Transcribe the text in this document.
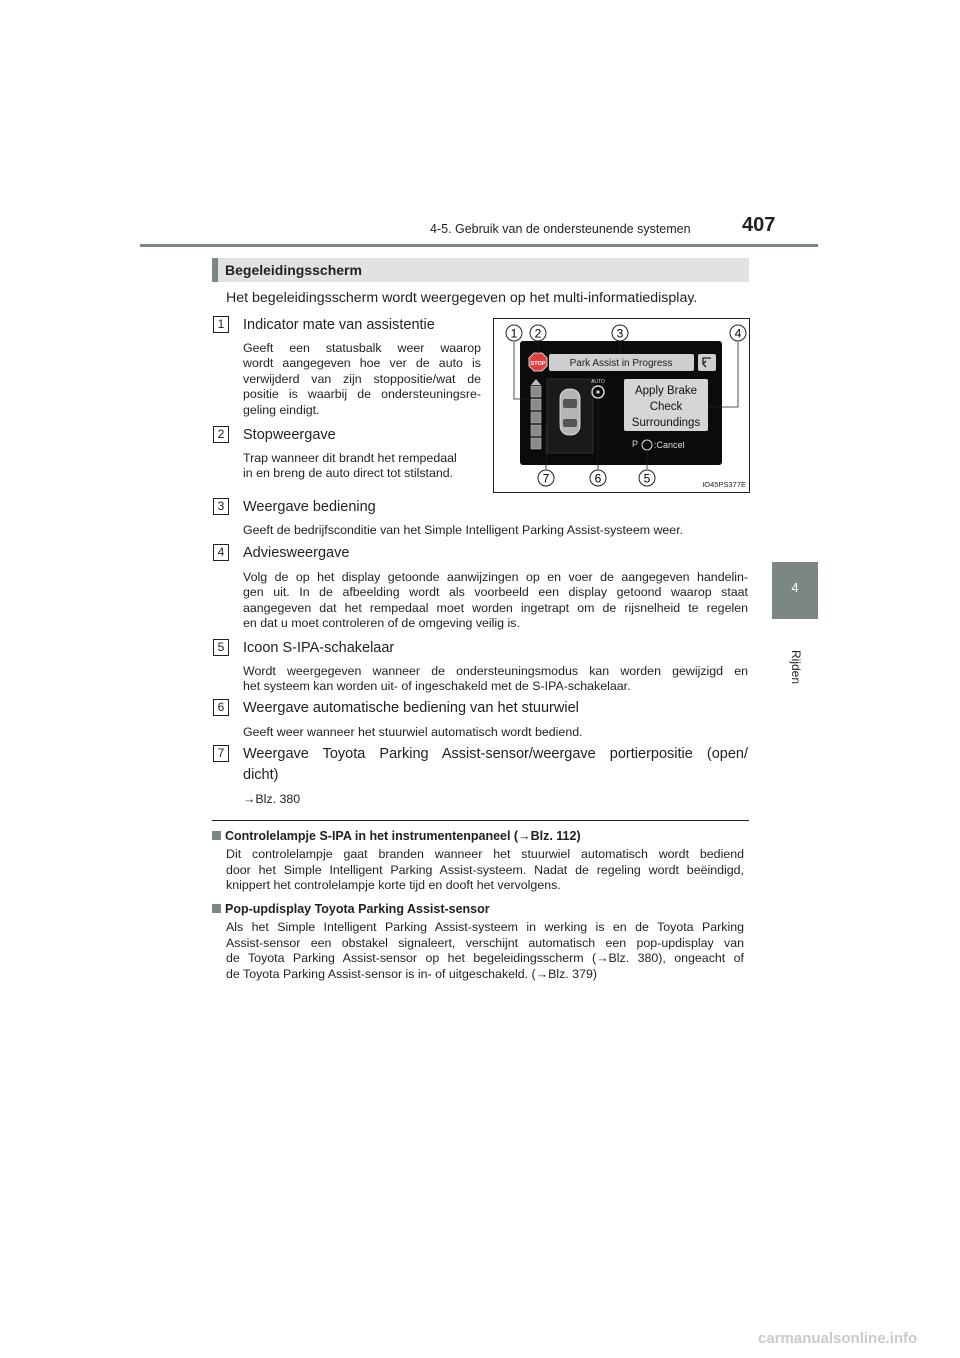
4-5. Gebruik van de ondersteunende systemen	407
4
Rijden
Begeleidingsscherm
Het begeleidingsscherm wordt weergegeven op het multi-informatiedisplay.
1	Indicator mate van assistentie
Geeft een statusbalk weer waarop
wordt aangegeven hoe ver de auto is
verwijderd van zijn stoppositie/wat de
positie is waarbij de ondersteuningsre-
geling eindigt.
2	Stopweergave
Trap wanneer dit brandt het rempedaal
in en breng de auto direct tot stilstand.
Park Assist in Progress
STOP
AUTO
Apply Brake
Check
Surroundings
P :Cancel
1 2	3	4
7	6	5	IO45PS377E
3	Weergave bediening
Geeft de bedrijfsconditie van het Simple Intelligent Parking Assist-systeem weer.
4	Adviesweergave
Volg de op het display getoonde aanwijzingen op en voer de aangegeven handelin-
gen uit. In de afbeelding wordt als voorbeeld een display getoond waarop staat
aangegeven dat het rempedaal moet worden ingetrapt om de rijsnelheid te regelen
en dat u moet controleren of de omgeving veilig is.
5	Icoon S-IPA-schakelaar
Wordt weergegeven wanneer de ondersteuningsmodus kan worden gewijzigd en
het systeem kan worden uit- of ingeschakeld met de S-IPA-schakelaar.
6	Weergave automatische bediening van het stuurwiel
Geeft weer wanneer het stuurwiel automatisch wordt bediend.
7	Weergave Toyota Parking Assist-sensor/weergave portierpositie (open/
dicht)
→Blz. 380
Controlelampje S-IPA in het instrumentenpaneel (→Blz. 112)
Dit controlelampje gaat branden wanneer het stuurwiel automatisch wordt bediend
door het Simple Intelligent Parking Assist-systeem. Nadat de regeling wordt beëindigd,
knippert het controlelampje korte tijd en dooft het vervolgens.
Pop-updisplay Toyota Parking Assist-sensor
Als het Simple Intelligent Parking Assist-systeem in werking is en de Toyota Parking
Assist-sensor een obstakel signaleert, verschijnt automatisch een pop-updisplay van
de Toyota Parking Assist-sensor op het begeleidingsscherm (→Blz. 380), ongeacht of
de Toyota Parking Assist-sensor is in- of uitgeschakeld. (→Blz. 379)
carmanualsonline.info
